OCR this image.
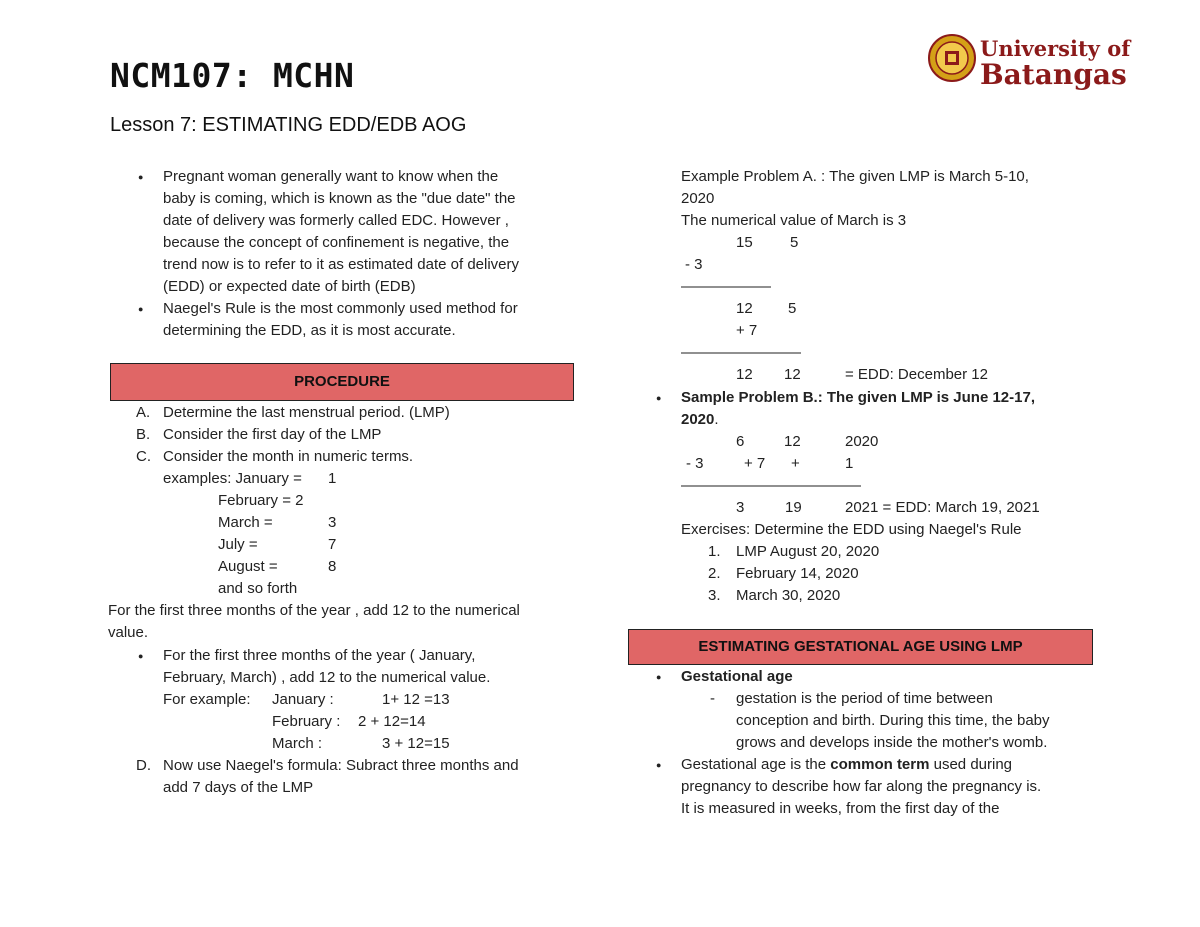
NCM107: MCHN
Lesson 7: ESTIMATING EDD/EDB AOG
University of
Batangas
● Pregnant woman generally want to know when the
baby is coming, which is known as the "due date" the
date of delivery was formerly called EDC. However ,
because the concept of confinement is negative, the
trend now is to refer to it as estimated date of delivery
(EDD) or expected date of birth (EDB)
● Naegel's Rule is the most commonly used method for
determining the EDD, as it is most accurate.
PROCEDURE
A. Determine the last menstrual period. (LMP)
B. Consider the first day of the LMP
C. Consider the month in numeric terms.
examples: January = 1
February = 2
March =	3
July =	7
August =	8
and so forth
For the first three months of the year , add 12 to the numerical
value.
● For the first three months of the year ( January,
February, March) , add 12 to the numerical value.
For example: January :	1+ 12 =13
February : 2 + 12=14
March :	3 + 12=15
D. Now use Naegel's formula: Subract three months and
add 7 days of the LMP
Example Problem A. : The given LMP is March 5-10,
2020
The numerical value of March is 3
15 5
- 3
——————
12 5
+ 7
————————
12 12	= EDD: December 12
● Sample Problem B.: The given LMP is June 12-17,
2020.
6	12	2020
- 3	+ 7 +	1
————————————
3	19	2021 = EDD: March 19, 2021
Exercises: Determine the EDD using Naegel's Rule
1. LMP August 20, 2020
2. February 14, 2020
3. March 30, 2020
ESTIMATING GESTATIONAL AGE USING LMP
● Gestational age
- gestation is the period of time between
conception and birth. During this time, the baby
grows and develops inside the mother's womb.
● Gestational age is the common term used during
pregnancy to describe how far along the pregnancy is.
It is measured in weeks, from the first day of the
